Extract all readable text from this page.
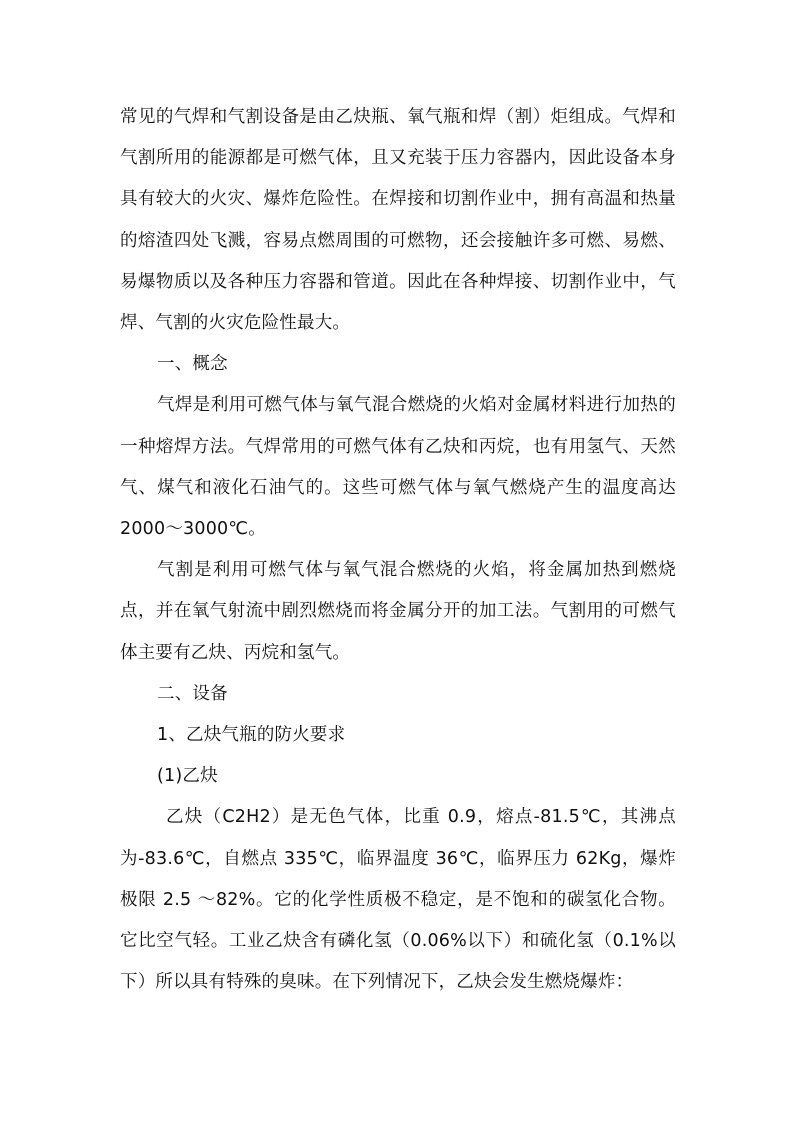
常见的气焊和气割设备是由乙炔瓶、氧气瓶和焊（割）炬组成。气焊和气割所用的能源都是可燃气体，且又充装于压力容器内，因此设备本身具有较大的火灾、爆炸危险性。在焊接和切割作业中，拥有高温和热量的熔渣四处飞溅，容易点燃周围的可燃物，还会接触许多可燃、易燃、易爆物质以及各种压力容器和管道。因此在各种焊接、切割作业中，气焊、气割的火灾危险性最大。

一、概念

气焊是利用可燃气体与氧气混合燃烧的火焰对金属材料进行加热的一种熔焊方法。气焊常用的可燃气体有乙炔和丙烷，也有用氢气、天然气、煤气和液化石油气的。这些可燃气体与氧气燃烧产生的温度高达 2000～3000℃。

气割是利用可燃气体与氧气混合燃烧的火焰，将金属加热到燃烧点，并在氧气射流中剧烈燃烧而将金属分开的加工法。气割用的可燃气体主要有乙炔、丙烷和氢气。

二、设备

1、乙炔气瓶的防火要求

(1)乙炔

乙炔（C2H2）是无色气体，比重 0.9，熔点-81.5℃，其沸点为-83.6℃，自燃点 335℃，临界温度 36℃，临界压力 62Kg，爆炸极限 2.5 ～82%。它的化学性质极不稳定，是不饱和的碳氢化合物。它比空气轻。工业乙炔含有磷化氢（0.06%以下）和硫化氢（0.1%以下）所以具有特殊的臭味。在下列情况下，乙炔会发生燃烧爆炸：
